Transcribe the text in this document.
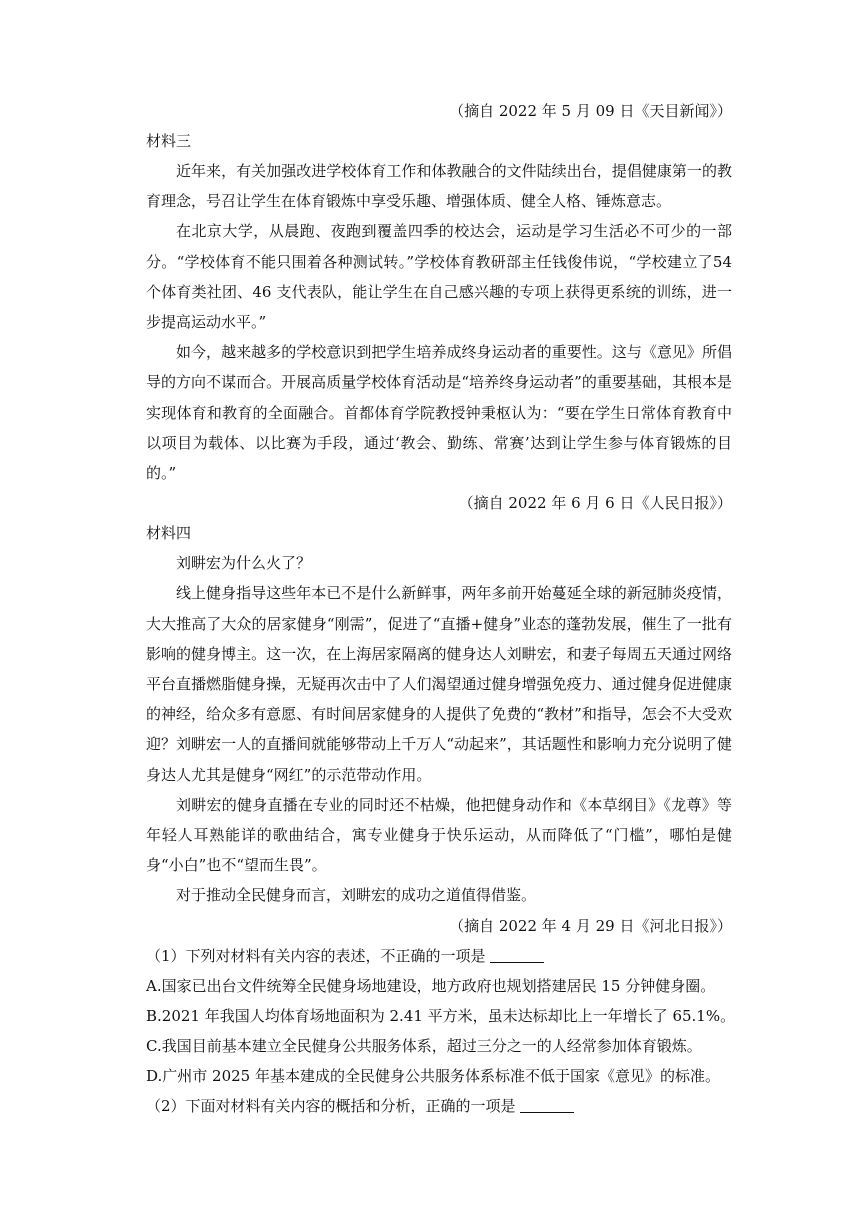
（摘自 2022 年 5 月 09 日《天目新闻》）
材料三

近年来，有关加强改进学校体育工作和体教融合的文件陆续出台，提倡健康第一的教育理念，号召让学生在体育锻炼中享受乐趣、增强体质、健全人格、锤炼意志。

在北京大学，从晨跑、夜跑到覆盖四季的校达会，运动是学习生活必不可少的一部分。“学校体育不能只围着各种测试转。”学校体育教研部主任钱俊伟说，“学校建立了54 个体育类社团、46 支代表队，能让学生在自己感兴趣的专项上获得更系统的训练，进一步提高运动水平。”

如今，越来越多的学校意识到把学生培养成终身运动者的重要性。这与《意见》所倡导的方向不谋而合。开展高质量学校体育活动是“培养终身运动者”的重要基础，其根本是实现体育和教育的全面融合。首都体育学院教授钟秉枢认为：“要在学生日常体育教育中以项目为载体、以比赛为手段，通过‘教会、勤练、常赛’达到让学生参与体育锻炼的目的。”

（摘自 2022 年 6 月 6 日《人民日报》）
材料四

刘畊宏为什么火了？

线上健身指导这些年本已不是什么新鲜事，两年多前开始蔓延全球的新冠肺炎疫情，大大推高了大众的居家健身“刚需”，促进了“直播+健身”业态的蓬勃发展，催生了一批有影响的健身博主。这一次，在上海居家隔离的健身达人刘畊宏，和妻子每周五天通过网络平台直播燃脂健身操，无疑再次击中了人们渴望通过健身增强免疫力、通过健身促进健康的神经，给众多有意愿、有时间居家健身的人提供了免费的“教材”和指导，怎会不大受欢迎？刘畊宏一人的直播间就能够带动上千万人“动起来”，其话题性和影响力充分说明了健身达人尤其是健身“网红”的示范带动作用。

刘畊宏的健身直播在专业的同时还不枯燥，他把健身动作和《本草纲目》《龙尊》等年轻人耳熟能详的歌曲结合，寓专业健身于快乐运动，从而降低了“门槛”，哪怕是健身“小白”也不“望而生畏”。

对于推动全民健身而言，刘畊宏的成功之道值得借鉴。

（摘自 2022 年 4 月 29 日《河北日报》）
（1）下列对材料有关内容的表述，不正确的一项是
A.国家已出台文件统筹全民健身场地建设，地方政府也规划搭建居民 15 分钟健身圈。
B.2021 年我国人均体育场地面积为 2.41 平方米，虽未达标却比上一年增长了 65.1%。
C.我国目前基本建立全民健身公共服务体系，超过三分之一的人经常参加体育锻炼。
D.广州市 2025 年基本建成的全民健身公共服务体系标准不低于国家《意见》的标准。
（2）下面对材料有关内容的概括和分析，正确的一项是
